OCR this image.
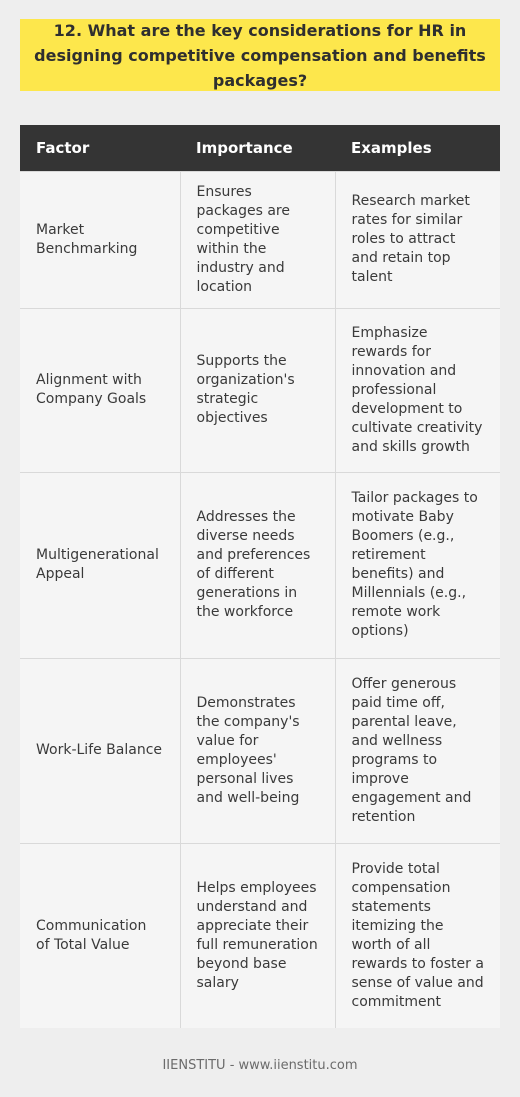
12. What are the key considerations for HR in designing competitive compensation and benefits packages?
Factor	Importance	Examples
Market Benchmarking	Ensures packages are competitive within the industry and location	Research market rates for similar roles to attract and retain top talent
Alignment with Company Goals	Supports the organization's strategic objectives	Emphasize rewards for innovation and professional development to cultivate creativity and skills growth
Multigenerational Appeal	Addresses the diverse needs and preferences of different generations in the workforce	Tailor packages to motivate Baby Boomers (e.g., retirement benefits) and Millennials (e.g., remote work options)
Work-Life Balance	Demonstrates the company's value for employees' personal lives and well-being	Offer generous paid time off, parental leave, and wellness programs to improve engagement and retention
Communication of Total Value	Helps employees understand and appreciate their full remuneration beyond base salary	Provide total compensation statements itemizing the worth of all rewards to foster a sense of value and commitment
IIENSTITU - www.iienstitu.com
